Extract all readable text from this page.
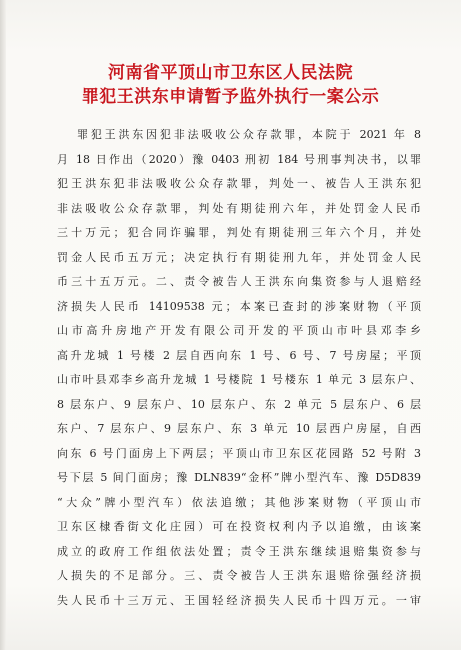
河南省平顶山市卫东区人民法院
罪犯王洪东申请暂予监外执行一案公示
罪犯王洪东因犯非法吸收公众存款罪，本院于 2021 年 8
月 18 日作出（2020）豫 0403 刑初 184 号刑事判决书，以罪
犯王洪东犯非法吸收公众存款罪，判处一、被告人王洪东犯
非法吸收公众存款罪，判处有期徒刑六年，并处罚金人民币
三十万元；犯合同诈骗罪，判处有期徒刑三年六个月，并处
罚金人民币五万元；决定执行有期徒刑九年，并处罚金人民
币三十五万元。二、责令被告人王洪东向集资参与人退赔经
济损失人民币 14109538 元；本案已查封的涉案财物（平顶
山市高升房地产开发有限公司开发的平顶山市叶县邓李乡
高升龙城 1 号楼 2 层自西向东 1 号、6 号、7 号房屋；平顶
山市叶县邓李乡高升龙城 1 号楼院 1 号楼东 1 单元 3 层东户、
8 层东户、9 层东户、10 层东户、东 2 单元 5 层东户、6 层
东户、7 层东户、9 层东户、东 3 单元 10 层西户房屋，自西
向东 6 号门面房上下两层；平顶山市卫东区花园路 52 号附 3
号下层 5 间门面房；豫 DLN839“金杯”牌小型汽车、豫 D5D839
“大众”牌小型汽车）依法追缴；其他涉案财物（平顶山市
卫东区棣香街文化庄园）可在投资权利内予以追缴，由该案
成立的政府工作组依法处置；责令王洪东继续退赔集资参与
人损失的不足部分。三、责令被告人王洪东退赔徐强经济损
失人民币十三万元、王国轻经济损失人民币十四万元。一审
